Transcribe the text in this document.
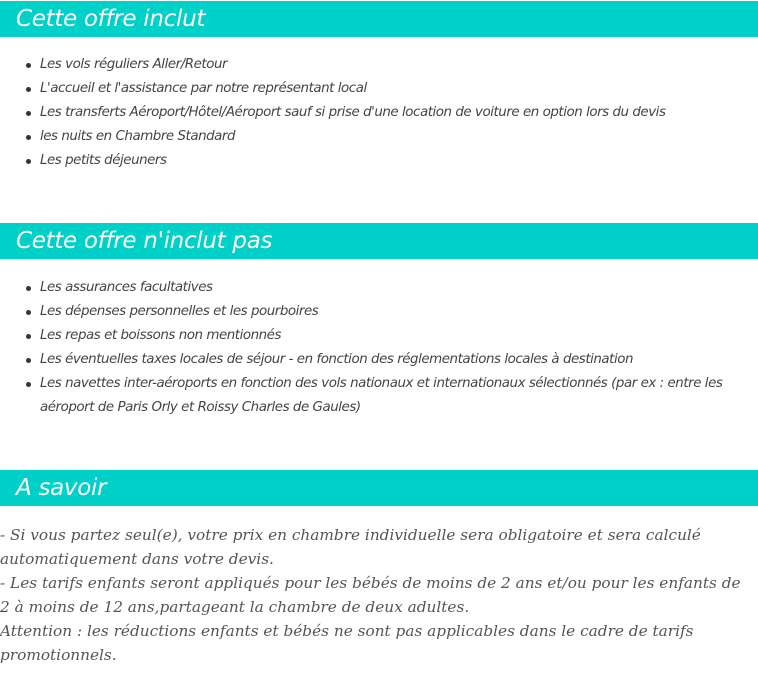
Cette offre inclut
Les vols réguliers Aller/Retour
L'accueil et l'assistance par notre représentant local
Les transferts Aéroport/Hôtel/Aéroport sauf si prise d'une location de voiture en option lors du devis
les nuits en Chambre Standard
Les petits déjeuners
Cette offre n'inclut pas
Les assurances facultatives
Les dépenses personnelles et les pourboires
Les repas et boissons non mentionnés
Les éventuelles taxes locales de séjour - en fonction des réglementations locales à destination
Les navettes inter-aéroports en fonction des vols nationaux et internationaux sélectionnés (par ex : entre les aéroport de Paris Orly et Roissy Charles de Gaules)
A savoir

- Si vous partez seul(e), votre prix en chambre individuelle sera obligatoire et sera calculé automatiquement dans votre devis.

- Les tarifs enfants seront appliqués pour les bébés de moins de 2 ans et/ou pour les enfants de 2 à moins de 12 ans,partageant la chambre de deux adultes.

Attention : les réductions enfants et bébés ne sont pas applicables dans le cadre de tarifs promotionnels.
